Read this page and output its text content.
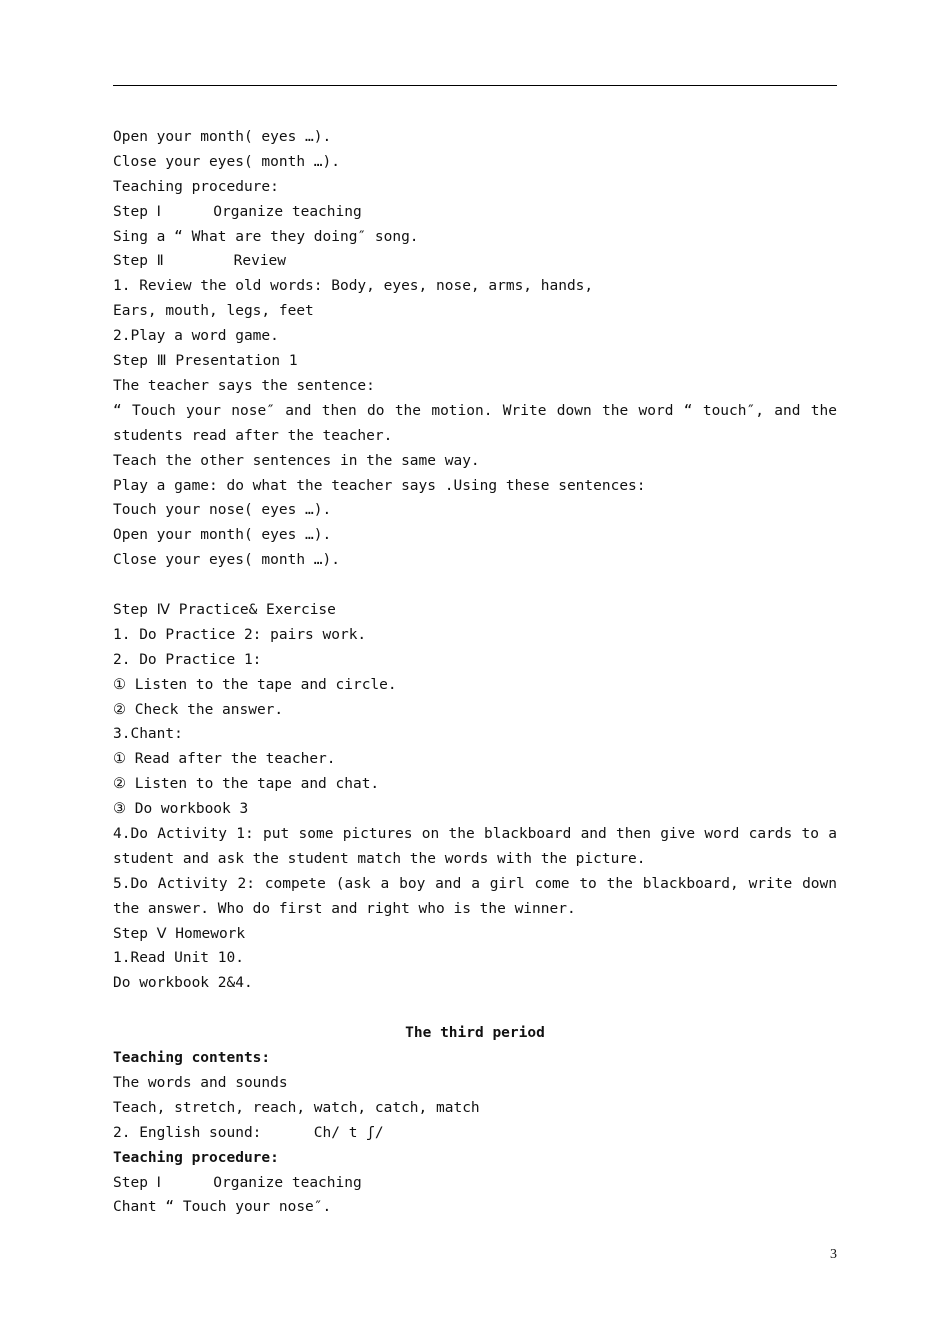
Open your month( eyes …).
Close your eyes( month …).
Teaching procedure:
Step Ⅰ      Organize teaching
Sing a “ What are they doing″ song.
Step Ⅱ        Review
1. Review the old words: Body, eyes, nose, arms, hands,
Ears, mouth, legs, feet
2.Play a word game.
Step Ⅲ Presentation 1
The teacher says the sentence:
“ Touch your nose″ and then do the motion. Write down the word “ touch″, and the students read after the teacher.
Teach the other sentences in the same way.
Play a game: do what the teacher says .Using these sentences:
Touch your nose( eyes …).
Open your month( eyes …).
Close your eyes( month …).
Step Ⅳ Practice& Exercise
1. Do Practice 2: pairs work.
2. Do Practice 1:
① Listen to the tape and circle.
② Check the answer.
3.Chant:
① Read after the teacher.
② Listen to the tape and chat.
③ Do workbook 3
4.Do Activity 1: put some pictures on the blackboard and then give word cards to a student and ask the student match the words with the picture.
5.Do Activity 2: compete (ask a boy and a girl come to the blackboard, write down the answer. Who do first and right who is the winner.
Step Ⅴ Homework
1.Read Unit 10.
Do workbook 2&4.
The third period
Teaching contents:
The words and sounds
Teach, stretch, reach, watch, catch, match
2. English sound:      Ch/ t ʃ/
Teaching procedure:
Step Ⅰ      Organize teaching
Chant “ Touch your nose″.
3
